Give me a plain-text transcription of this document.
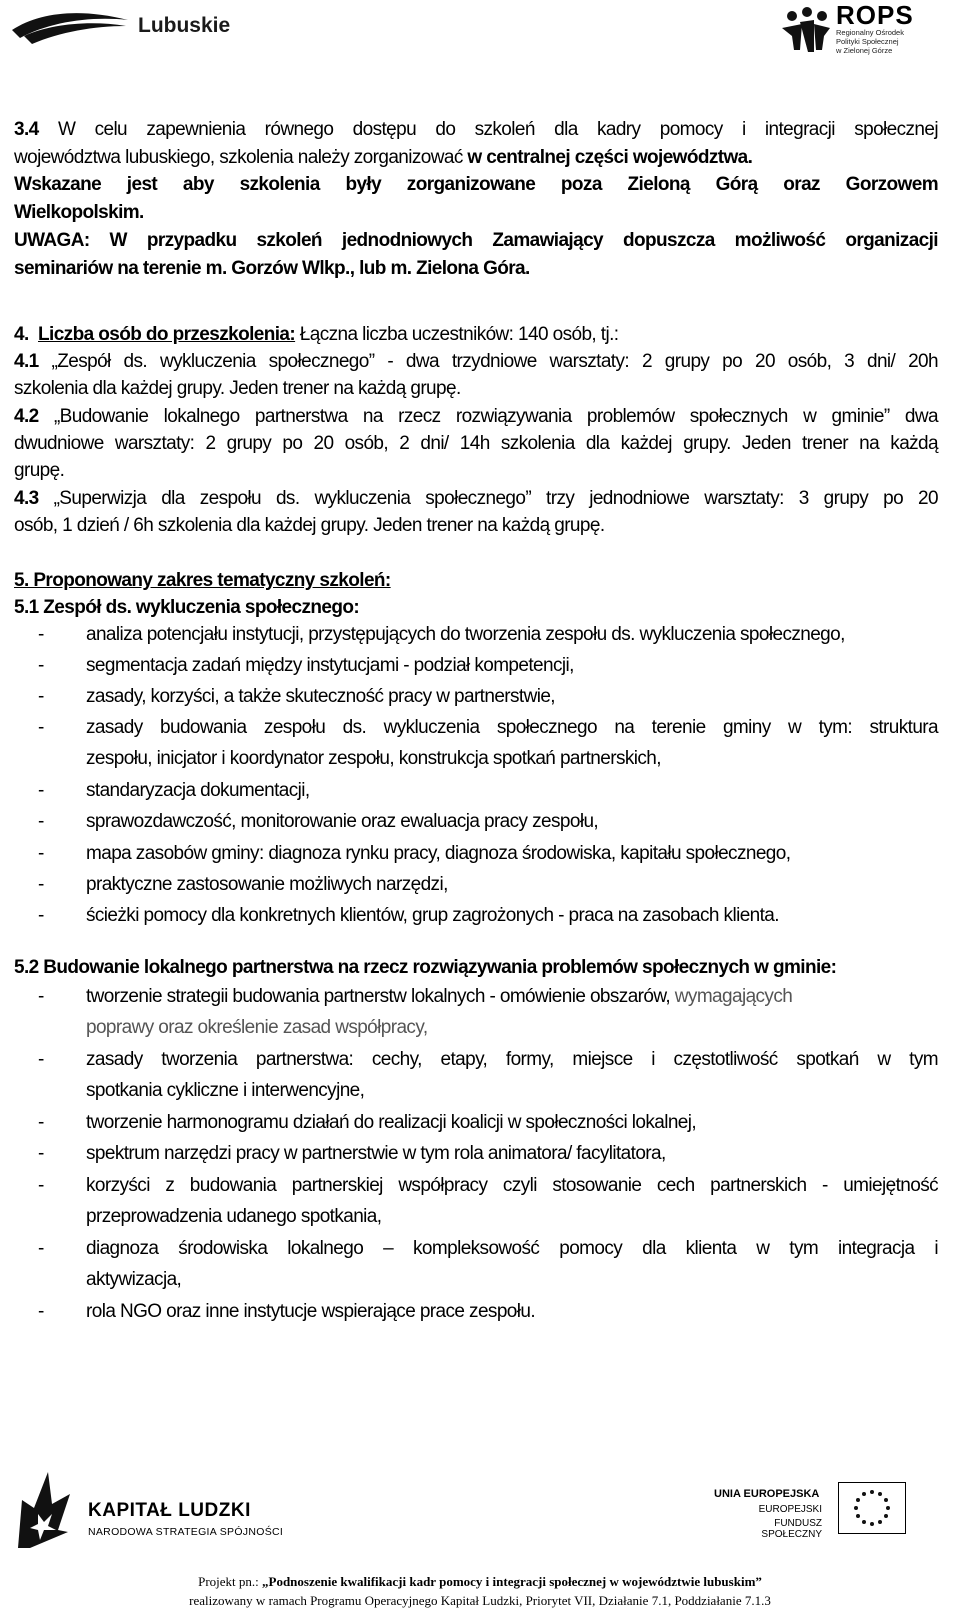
Lubuskie	ROPS
Regionalny Ośrodek
Polityki Społecznej
w Zielonej Górze
3.4 W celu zapewnienia równego dostępu do szkoleń dla kadry pomocy i integracji społecznej
województwa lubuskiego, szkolenia należy zorganizować w centralnej części województwa.
Wskazane jest aby szkolenia były zorganizowane poza Zieloną Górą oraz Gorzowem
Wielkopolskim.
UWAGA: W przypadku szkoleń jednodniowych Zamawiający dopuszcza możliwość organizacji
seminariów na terenie m. Gorzów Wlkp., lub m. Zielona Góra.
4. Liczba osób do przeszkolenia: Łączna liczba uczestników: 140 osób, tj.:
4.1 „Zespół ds. wykluczenia społecznego” - dwa trzydniowe warsztaty: 2 grupy po 20 osób, 3 dni/ 20h
szkolenia dla każdej grupy. Jeden trener na każdą grupę.
4.2 „Budowanie lokalnego partnerstwa na rzecz rozwiązywania problemów społecznych w gminie” dwa
dwudniowe warsztaty: 2 grupy po 20 osób, 2 dni/ 14h szkolenia dla każdej grupy. Jeden trener na każdą
grupę.
4.3 „Superwizja dla zespołu ds. wykluczenia społecznego” trzy jednodniowe warsztaty: 3 grupy po 20
osób, 1 dzień / 6h szkolenia dla każdej grupy. Jeden trener na każdą grupę.
5. Proponowany zakres tematyczny szkoleń:
5.1 Zespół ds. wykluczenia społecznego:
-	analiza potencjału instytucji, przystępujących do tworzenia zespołu ds. wykluczenia społecznego,
-	segmentacja zadań między instytucjami - podział kompetencji,
-	zasady, korzyści, a także skuteczność pracy w partnerstwie,
-	zasady budowania zespołu ds. wykluczenia społecznego na terenie gminy w tym: struktura
zespołu, inicjator i koordynator zespołu, konstrukcja spotkań partnerskich,
-	standaryzacja dokumentacji,
-	sprawozdawczość, monitorowanie oraz ewaluacja pracy zespołu,
-	mapa zasobów gminy: diagnoza rynku pracy, diagnoza środowiska, kapitału społecznego,
-	praktyczne zastosowanie możliwych narzędzi,
-	ścieżki pomocy dla konkretnych klientów, grup zagrożonych - praca na zasobach klienta.
5.2 Budowanie lokalnego partnerstwa na rzecz rozwiązywania problemów społecznych w gminie:
-	tworzenie strategii budowania partnerstw lokalnych - omówienie obszarów, wymagających
poprawy oraz określenie zasad współpracy,
-	zasady tworzenia partnerstwa: cechy, etapy, formy, miejsce i częstotliwość spotkań w tym
spotkania cykliczne i interwencyjne,
-	tworzenie harmonogramu działań do realizacji koalicji w społeczności lokalnej,
-	spektrum narzędzi pracy w partnerstwie w tym rola animatora/ facylitatora,
-	korzyści z budowania partnerskiej współpracy czyli stosowanie cech partnerskich - umiejętność
przeprowadzenia udanego spotkania,
-	diagnoza środowiska lokalnego – kompleksowość pomocy dla klienta w tym integracja i
aktywizacja,
-	rola NGO oraz inne instytucje wspierające prace zespołu.
KAPITAŁ LUDZKI
NARODOWA STRATEGIA SPÓJNOŚCI
UNIA EUROPEJSKA
EUROPEJSKI
FUNDUSZ SPOŁECZNY
Projekt pn.: „Podnoszenie kwalifikacji kadr pomocy i integracji społecznej w województwie lubuskim”
realizowany w ramach Programu Operacyjnego Kapitał Ludzki, Priorytet VII, Działanie 7.1, Poddziałanie 7.1.3
